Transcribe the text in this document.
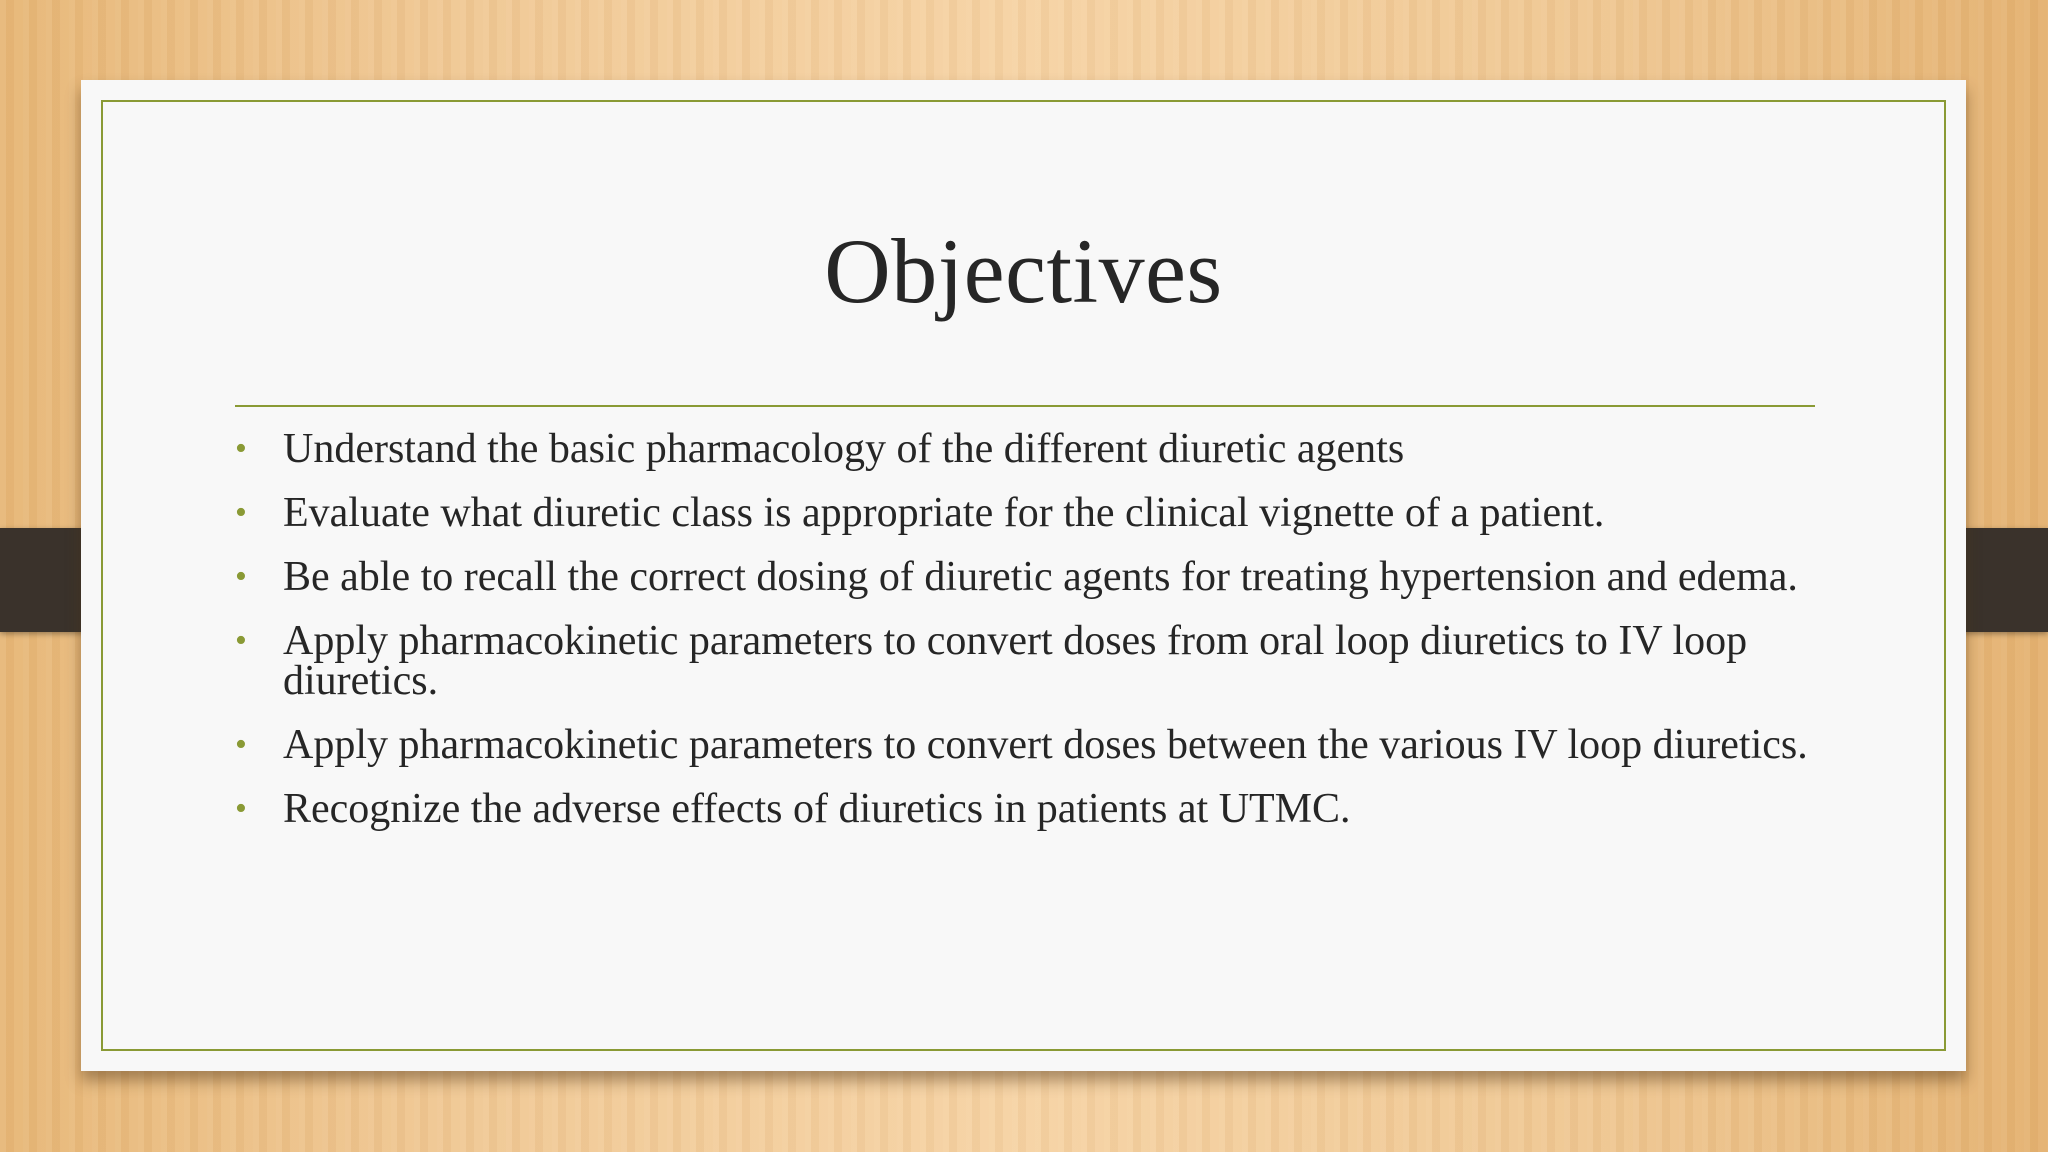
Objectives
• Understand the basic pharmacology of the different diuretic agents
• Evaluate what diuretic class is appropriate for the clinical vignette of a patient.
• Be able to recall the correct dosing of diuretic agents for treating hypertension and edema.
• Apply pharmacokinetic parameters to convert doses from oral loop diuretics to IV loop diuretics.
• Apply pharmacokinetic parameters to convert doses between the various IV loop diuretics.
• Recognize the adverse effects of diuretics in patients at UTMC.
